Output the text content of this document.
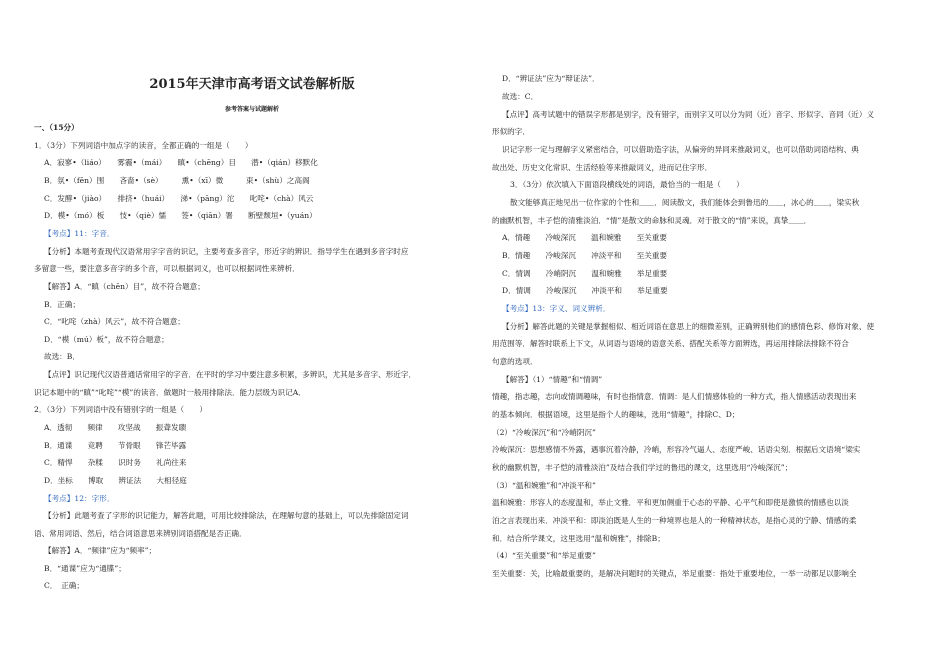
2015年天津市高考语文试卷解析版
参考答案与试题解析
一、（15分）
1．（3分）下列词语中加点字的读音，全都正确的一组是（　　）
A．寂寥•（liáo）　　雾霾•（mái）　　瞋•（chēng）目　　潜•（qián）移默化
B．氛•（fēn）围　　吝啬•（sè）　　　熏•（xī）微　　　束•（shù）之高阁
C．发酵•（jiào）　　排挤•（huái）　　涕•（pāng）沱　　叱咤•（chà）风云
D．模•（mó）板　　忮•（qiè）懦　　签•（qiān）署　　断壁颓垣•（yuán）
【考点】11：字音．
【分析】本题考查现代汉语常用字字音的识记，主要考查多音字，形近字的辨识．指导学生在遇到多音字时应
多留意一些，要注意多音字的多个音，可以根据词义，也可以根据词性来辨析．
【解答】A．“瞋（chēn）目”，故不符合题意；
B．正确；
C．“叱咤（zhà）风云”，故不符合题意；
D．“模（mú）板”，故不符合题意；
故选：B．
【点评】识记现代汉语普通话常用字的字音．在平时的学习中要注意多积累，多辨识，尤其是多音字、形近字．
识记本题中的“瞋”“叱咤”“模”的读音．做题时一般用排除法．能力层级为识记A．
2．（3分）下列词语中没有错别字的一组是（　　）
A．透彻　　频律　　攻坚战　　振聋发聩
B．通谍　　竞聘　　节骨眼　　锋芒毕露
C．精悍　　杂糅　　识时务　　礼尚往来
D．坐标　　博取　　辨证法　　大相径庭
【考点】12：字形．
【分析】此题考查了字形的识记能力，解答此题，可用比较排除法，在理解句意的基础上，可以先排除固定词
语、常用词语、然后，结合词语意思来辨别词语搭配是否正确．
【解答】A．“频律”应为“频率”；
B．“通谍”应为“通牒”；
C．　正确；
D．“辨证法”应为“辩证法”．
故选：C．
【点评】高考试题中的错误字形都是别字，没有错字，而别字又可以分为同（近）音字、形似字、音同（近）义
形似的字．
识记字形一定与理解字义紧密结合，可以借助造字法，从偏旁的异同来推敲词义，也可以借助词语结构、典
故出处、历史文化常识、生活经验等来推敲词义，进而记住字形．
3．（3分）依次填入下面语段横线处的词语，最恰当的一组是（　　）
散文能够真正地见出一位作家的个性和＿＿．阅读散文，我们能体会到鲁迅的＿＿，冰心的＿＿，梁实秋
的幽默机智，丰子恺的清雅淡泊．“情”是散文的命脉和灵魂．对于散文的“情”来说，真挚＿＿．
A．情趣　　冷峻深沉　　温和婉雅　　至关重要
B．情趣　　冷峻深沉　　冲淡平和　　至关重要
C．情调　　冷峭阴沉　　温和婉雅　　举足重要
D．情调　　冷峻深沉　　冲淡平和　　举足重要
【考点】13：字义、词义辨析．
【分析】解答此题的关键是掌握相似、相近词语在意思上的细微差别，正确辨别他们的感情色彩、修饰对象、使
用范围等．解答时联系上下文，从词语与语境的语意关系、搭配关系等方面辨选，再运用排除法排除不符合
句意的选项．
【解答】（1）“情趣”和“情调”
情趣，指志趣，志向或情调趣味，有时也指情意．情调：是人们情感体验的一种方式，指人情感活动表现出来
的基本倾向．根据语境，这里是指个人的趣味，选用“情趣”，排除C、D；
（2）“冷峻深沉”和“冷峭阴沉”
冷峻深沉：思想感情不外露，遇事沉着冷静，冷峭，形容冷气逼人、态度严峻、话语尖刻．根据后文语境“梁实
秋的幽默机智，丰子恺的清雅淡泊”及结合我们学过的鲁迅的课文，这里选用“冷峻深沉”；
（3）“温和婉雅”和“冲淡平和”
温和婉雅：形容人的态度温和，举止文雅．平和更加侧重于心态的平静、心平气和即使是激愤的情感也以淡
泊之言表现出来．冲淡平和：即淡泊既是人生的一种境界也是人的一种精神状态，是指心灵的宁静、情感的柔
和．结合所学课文，这里选用“温和婉雅”，排除B；
（4）“至关重要”和“举足重要”
至关重要：关，比喻最重要的，是解决问题时的关键点，举足重要：指处于重要地位，一举一动都足以影响全
